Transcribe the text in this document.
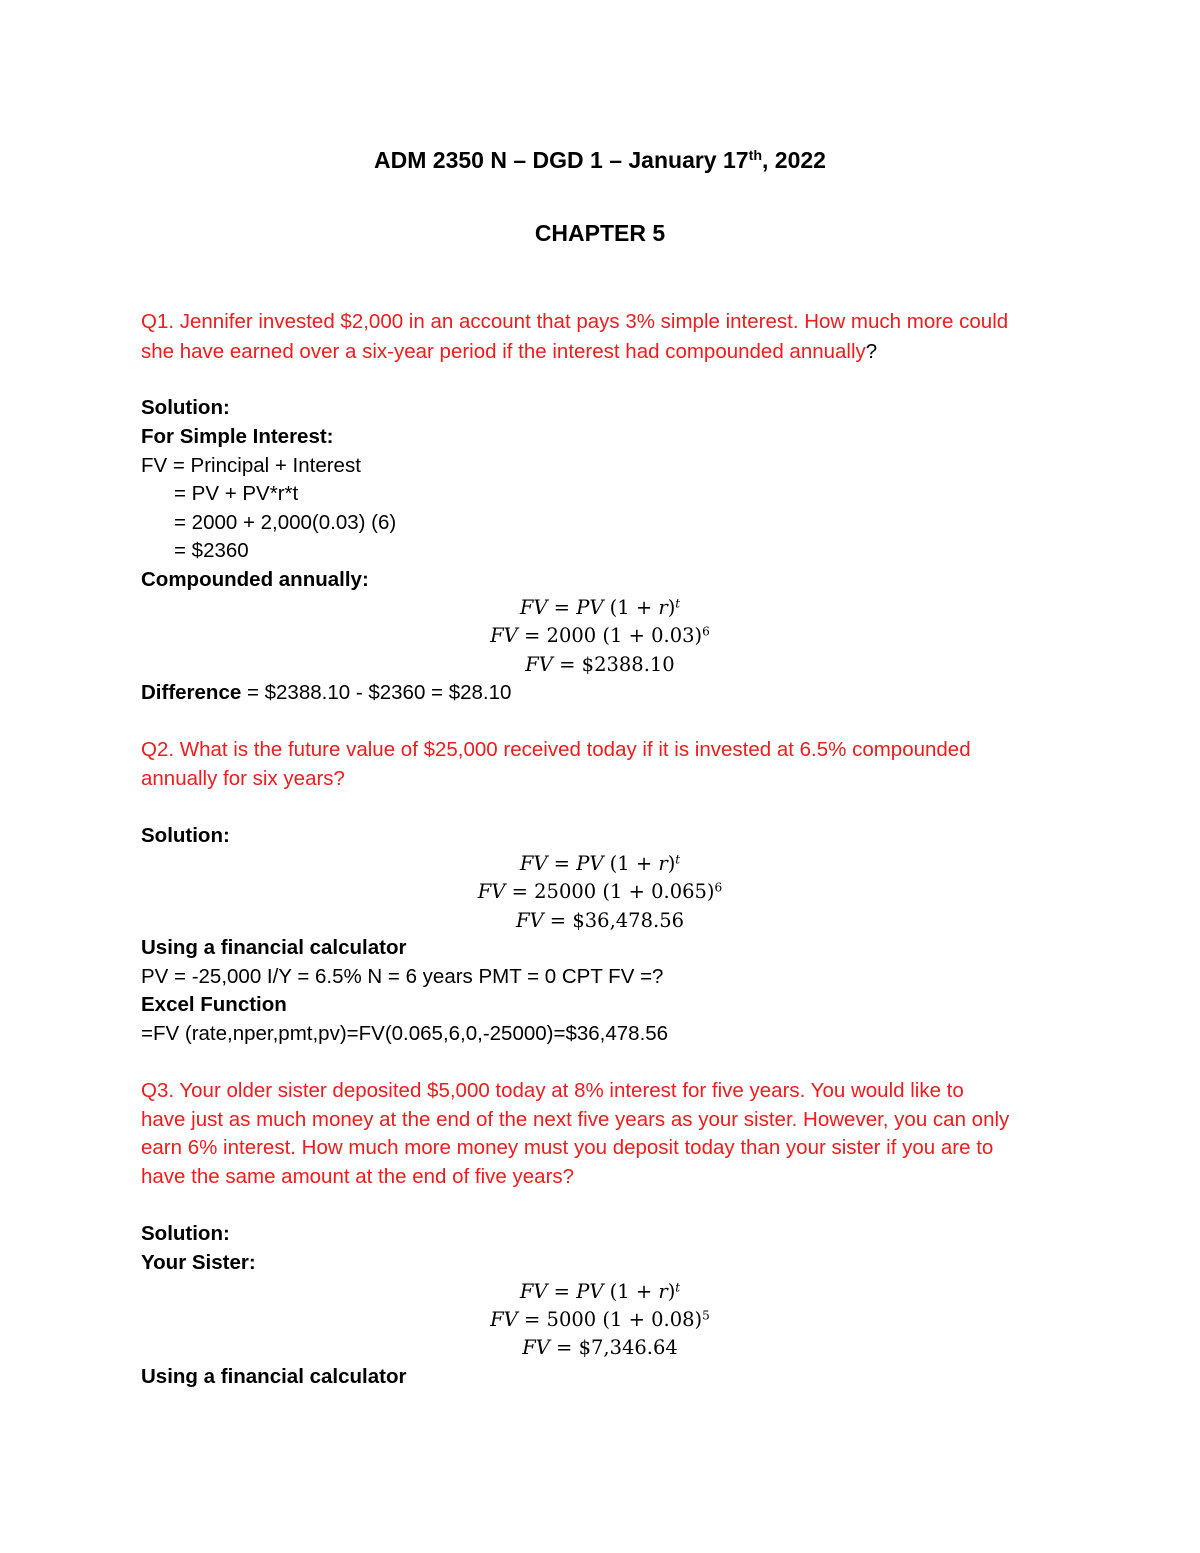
ADM 2350 N – DGD 1 – January 17th, 2022
CHAPTER 5
Q1. Jennifer invested $2,000 in an account that pays 3% simple interest. How much more could
she have earned over a six-year period if the interest had compounded annually?
Solution:
For Simple Interest:
FV = Principal + Interest
= PV + PV*r*t
= 2000 + 2,000(0.03) (6)
= $2360
Compounded annually:
FV = PV $(1 + r)^t$
FV = 2000 $(1 + 0.03)^6$
FV = $2388.10
Difference = $2388.10 - $2360 = $28.10
Q2. What is the future value of $25,000 received today if it is invested at 6.5% compounded
annually for six years?
Solution:
FV = PV $(1 + r)^t$
FV = 25000 $(1 + 0.065)^6$
FV = $36,478.56
Using a financial calculator
PV = -25,000 I/Y = 6.5% N = 6 years PMT = 0 CPT FV =?
Excel Function
=FV (rate,nper,pmt,pv)=FV(0.065,6,0,-25000)=$36,478.56
Q3. Your older sister deposited $5,000 today at 8% interest for five years. You would like to
have just as much money at the end of the next five years as your sister. However, you can only
earn 6% interest. How much more money must you deposit today than your sister if you are to
have the same amount at the end of five years?
Solution:
Your Sister:
FV = PV $(1 + r)^t$
FV = 5000 $(1 + 0.08)^5$
FV = $7,346.64
Using a financial calculator
